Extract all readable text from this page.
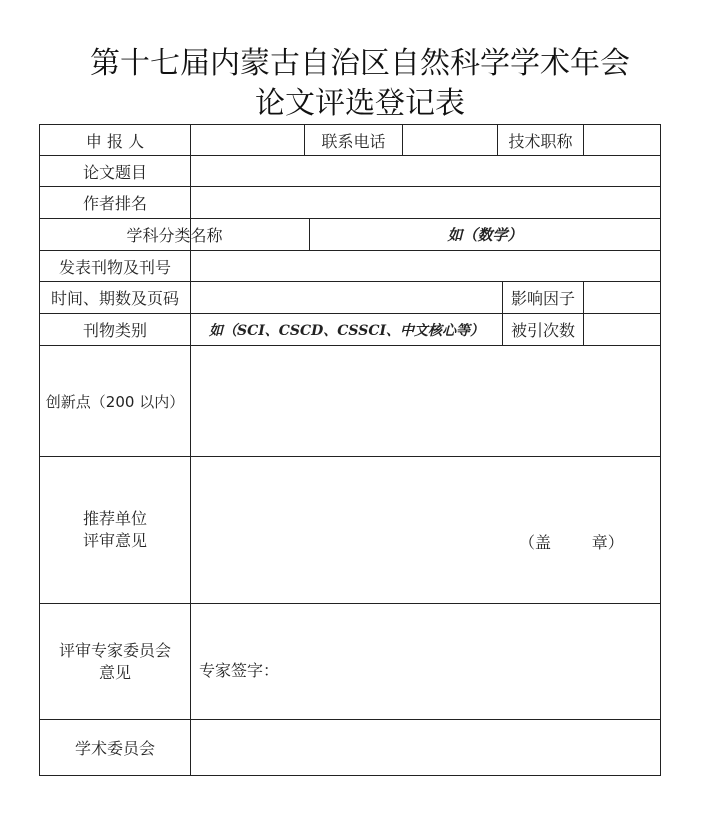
第十七届内蒙古自治区自然科学学术年会
论文评选登记表
申 报 人	联系电话	技术职称
论文题目
作者排名
学科分类名称	如（数学）
发表刊物及刊号
时间、期数及页码	影响因子
刊物类别	如（SCI、CSCD、CSSCI、中文核心等）	被引次数
创新点（200 以内）
推荐单位
评审意见	（盖        章）
评审专家委员会
意见	专家签字：
学术委员会
